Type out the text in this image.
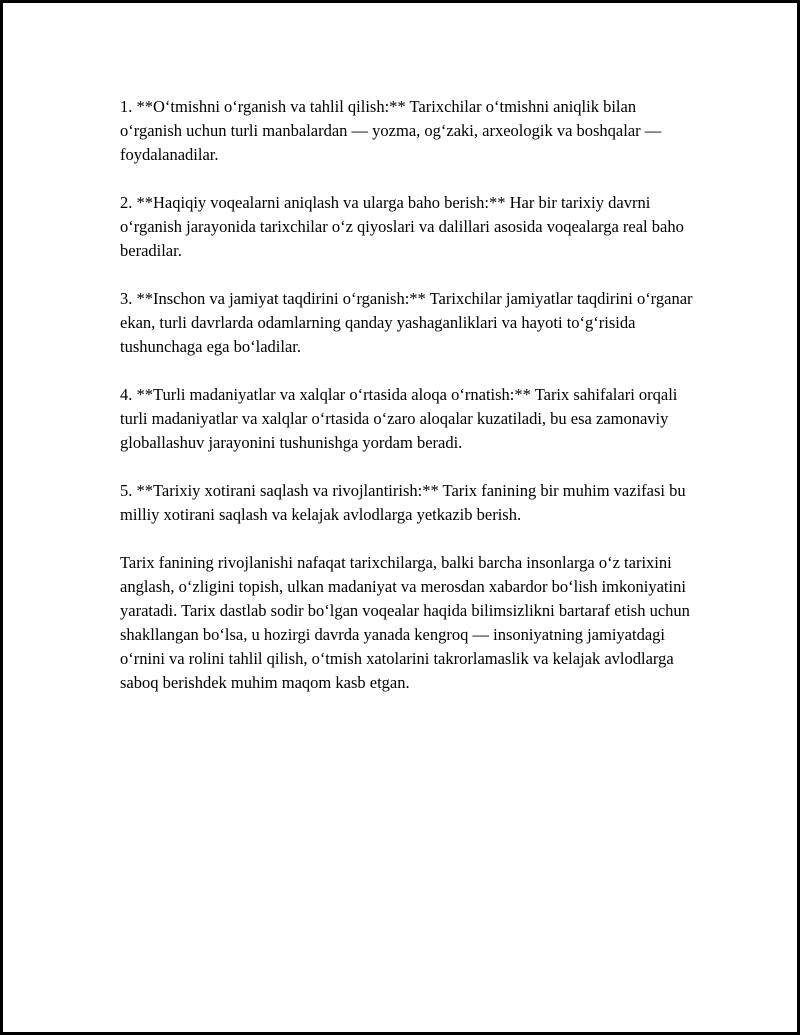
1. **O‘tmishni o‘rganish va tahlil qilish:** Tarixchilar o‘tmishni aniqlik bilan o‘rganish uchun turli manbalardan — yozma, og‘zaki, arxeologik va boshqalar — foydalanadilar.

2. **Haqiqiy voqealarni aniqlash va ularga baho berish:** Har bir tarixiy davrni o‘rganish jarayonida tarixchilar o‘z qiyoslari va dalillari asosida voqealarga real baho beradilar.

3. **Inschon va jamiyat taqdirini o‘rganish:** Tarixchilar jamiyatlar taqdirini o‘rganar ekan, turli davrlarda odamlarning qanday yashaganliklari va hayoti to‘g‘risida tushunchaga ega bo‘ladilar.

4. **Turli madaniyatlar va xalqlar o‘rtasida aloqa o‘rnatish:** Tarix sahifalari orqali turli madaniyatlar va xalqlar o‘rtasida o‘zaro aloqalar kuzatiladi, bu esa zamonaviy globallashuv jarayonini tushunishga yordam beradi.

5. **Tarixiy xotirani saqlash va rivojlantirish:** Tarix fanining bir muhim vazifasi bu milliy xotirani saqlash va kelajak avlodlarga yetkazib berish.

Tarix fanining rivojlanishi nafaqat tarixchilarga, balki barcha insonlarga o‘z tarixini anglash, o‘zligini topish, ulkan madaniyat va merosdan xabardor bo‘lish imkoniyatini yaratadi. Tarix dastlab sodir bo‘lgan voqealar haqida bilimsizlikni bartaraf etish uchun shakllangan bo‘lsa, u hozirgi davrda yanada kengroq — insoniyatning jamiyatdagi o‘rnini va rolini tahlil qilish, o‘tmish xatolarini takrorlamaslik va kelajak avlodlarga saboq berishdek muhim maqom kasb etgan.
